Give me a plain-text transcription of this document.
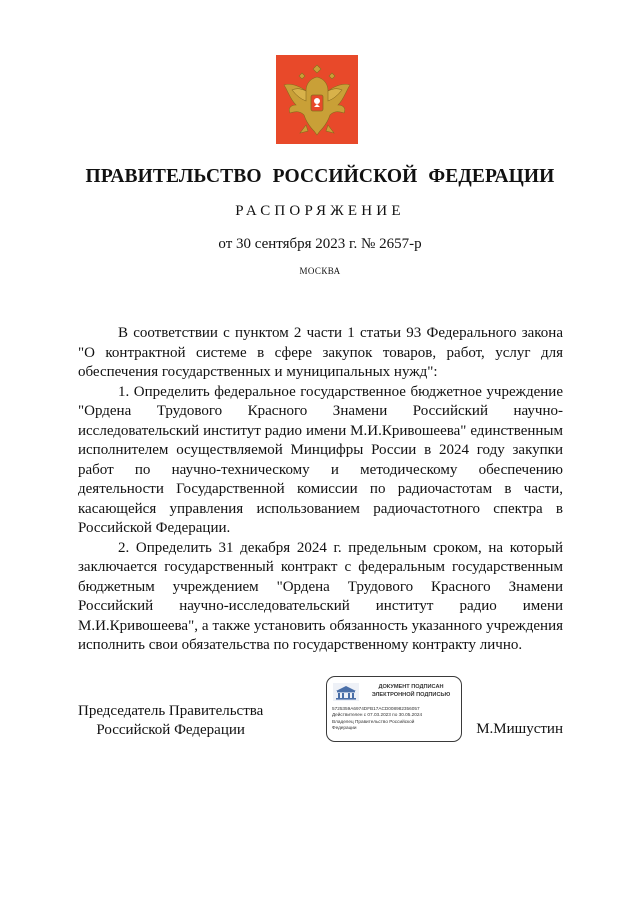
ПРАВИТЕЛЬСТВО РОССИЙСКОЙ ФЕДЕРАЦИИ
РАСПОРЯЖЕНИЕ
от 30 сентября 2023 г. № 2657-р
МОСКВА

В соответствии с пунктом 2 части 1 статьи 93 Федерального закона "О контрактной системе в сфере закупок товаров, работ, услуг для обеспечения государственных и муниципальных нужд":

1. Определить федеральное государственное бюджетное учреждение "Ордена Трудового Красного Знамени Российский научно-исследовательский институт радио имени М.И.Кривошеева" единственным исполнителем осуществляемой Минцифры России в 2024 году закупки работ по научно-техническому и методическому обеспечению деятельности Государственной комиссии по радиочастотам в части, касающейся управления использованием радиочастотного спектра в Российской Федерации.

2. Определить 31 декабря 2024 г. предельным сроком, на который заключается государственный контракт с федеральным государственным бюджетным учреждением "Ордена Трудового Красного Знамени Российский научно-исследовательский институт радио имени М.И.Кривошеева", а также установить обязанность указанного учреждения исполнить свои обязательства по государственному контракту лично.

Председатель Правительства
Российской Федерации
ДОКУМЕНТ ПОДПИСАН
ЭЛЕКТРОННОЙ ПОДПИСЬЮ
5725359A6974DFB17ACD008982356057
Действителен с 07.03.2023 по 30.05.2024
Владелец Правительство Российской
Федерации	М.Мишустин
